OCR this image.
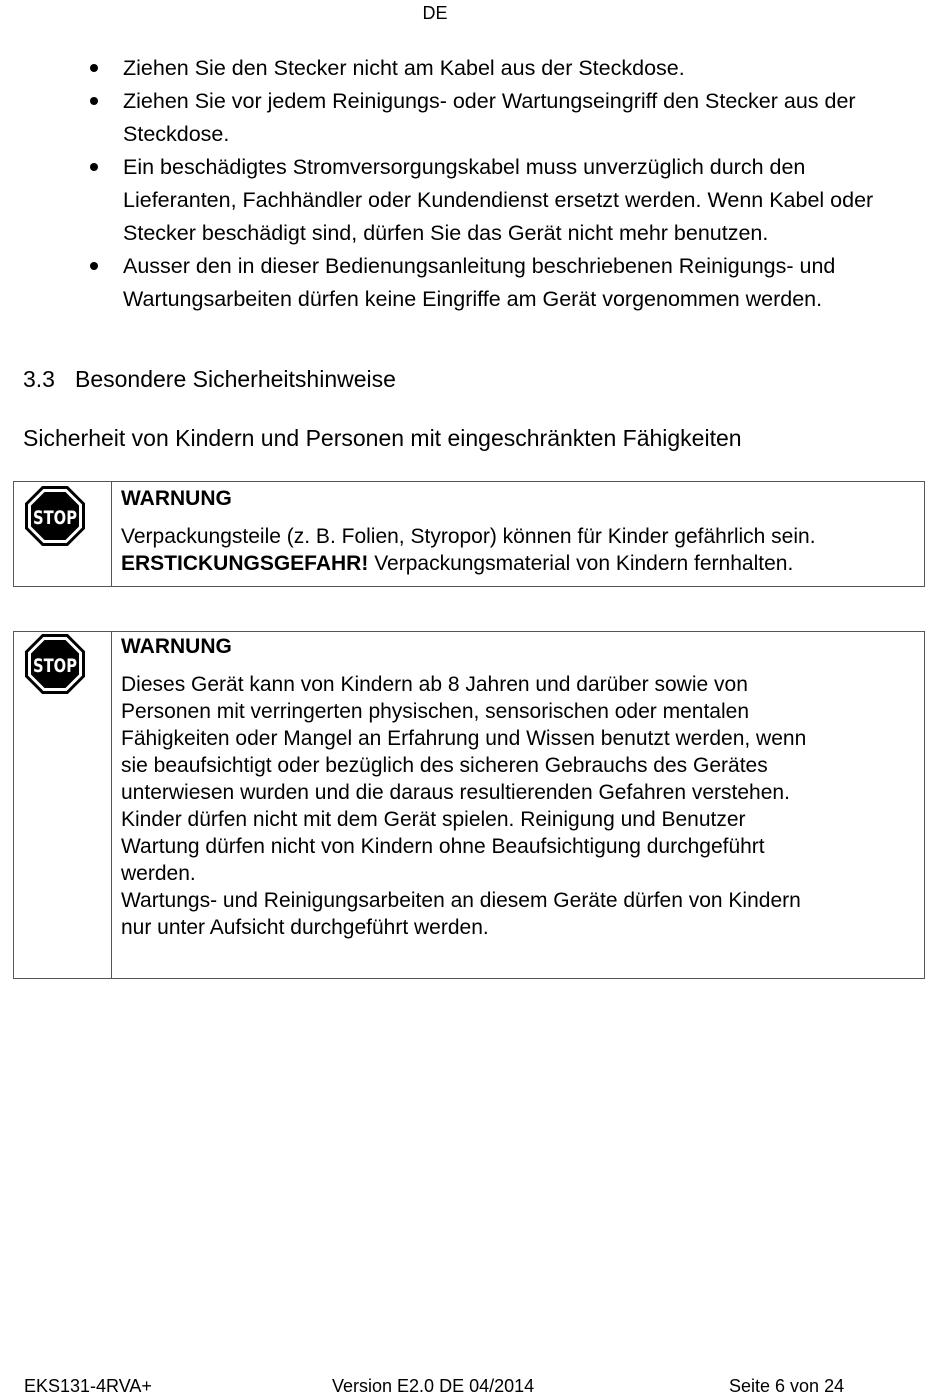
DE
Ziehen Sie den Stecker nicht am Kabel aus der Steckdose.
Ziehen Sie vor jedem Reinigungs- oder Wartungseingriff den Stecker aus der Steckdose.
Ein beschädigtes Stromversorgungskabel muss unverzüglich durch den Lieferanten, Fachhändler oder Kundendienst ersetzt werden. Wenn Kabel oder Stecker beschädigt sind, dürfen Sie das Gerät nicht mehr benutzen.
Ausser den in dieser Bedienungsanleitung beschriebenen Reinigungs- und Wartungsarbeiten dürfen keine Eingriffe am Gerät vorgenommen werden.
3.3 Besondere Sicherheitshinweise
Sicherheit von Kindern und Personen mit eingeschränkten Fähigkeiten
STOP
WARNUNG
Verpackungsteile (z. B. Folien, Styropor) können für Kinder gefährlich sein.
ERSTICKUNGSGEFAHR! Verpackungsmaterial von Kindern fernhalten.
STOP
WARNUNG
Dieses Gerät kann von Kindern ab 8 Jahren und darüber sowie von
Personen mit verringerten physischen, sensorischen oder mentalen
Fähigkeiten oder Mangel an Erfahrung und Wissen benutzt werden, wenn
sie beaufsichtigt oder bezüglich des sicheren Gebrauchs des Gerätes
unterwiesen wurden und die daraus resultierenden Gefahren verstehen.
Kinder dürfen nicht mit dem Gerät spielen. Reinigung und Benutzer
Wartung dürfen nicht von Kindern ohne Beaufsichtigung durchgeführt
werden.
Wartungs- und Reinigungsarbeiten an diesem Geräte dürfen von Kindern
nur unter Aufsicht durchgeführt werden.
EKS131-4RVA+	Version E2.0 DE 04/2014	Seite 6 von 24
